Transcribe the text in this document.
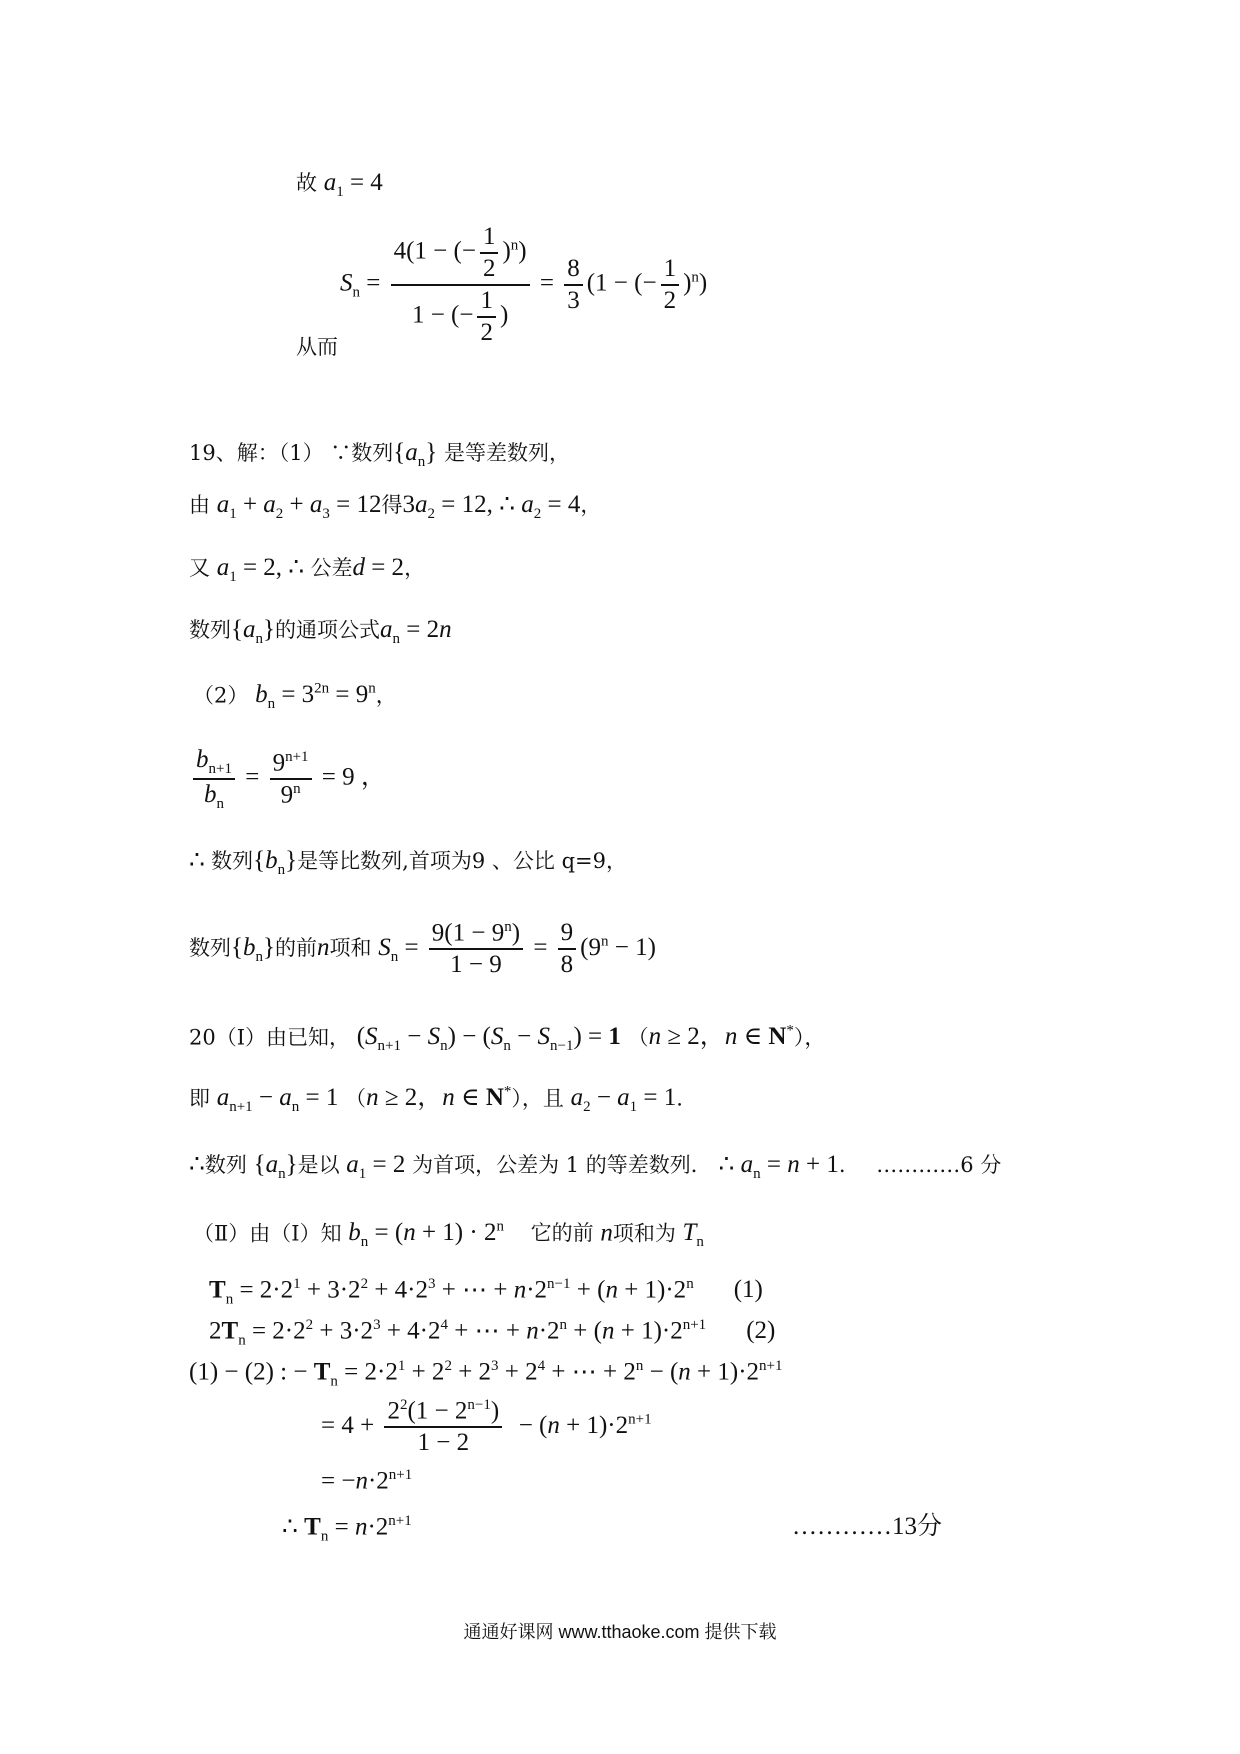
故 $a_1 = 4$
$S_n = \frac{4(1 - (- \frac{1}{2} )^n)}{1 - (- \frac{1}{2} )} = \frac{8}{3} (1$ − (− $\frac{1}{2} )^n$)
从而
19、解：（1） ∵数列$\{a_n\}$ 是等差数列，
由 $a_1 + a_2 + a_3 = 12$得$3a_2 = 12$, ∴ $a_2 = 4$，
又 $a_1 = 2$, ∴ 公差d = 2，
数列$\{a_n\}$的通项公式$a_n = 2n$
（2） $b_n = 3^{2n} = 9^n$，
$\frac{b_{n+1}}{b_n} = \frac{9^{n+1}}{9^n} = 9$ ，
∴ 数列$\{b_n\}$是等比数列,首项为9 、公比 q=9，
数列$\{b_n\}$的前n项和 $S_n = \frac{9(1 - 9^n)}{1 - 9} = \frac{9}{8} (9^n - 1)$
20（Ⅰ）由已知， $(S_{n+1} - S_n) - (S_n - S_{n-1}) = 1$ （n ≥ 2，n ∈ N*），
即 $a_{n+1} - a_n = 1$ （n ≥ 2，n ∈ N*），且 $a_2 - a_1 = 1$.
∴数列 $\{a_n\}$是以 $a_1 = 2$ 为首项，公差为 1 的等差数列． ∴ $a_n = n + 1$. …………6 分
（Ⅱ）由（Ⅰ）知 $b_n = (n + 1) \cdot 2^n$ 它的前 n项和为 $T_n$
$T_n = 2\cdot 2^1 + 3\cdot 2^2 + 4\cdot 2^3$ + ⋯ + $n\cdot 2^{n-1} + (n + 1)\cdot 2^n$ (1)
$2T_n = 2\cdot 2^2 + 3\cdot 2^3 + 4\cdot 2^4$ + ⋯ + $n\cdot 2^n + (n + 1)\cdot 2^{n+1}$ (2)
(1) − (2) : − $T_n = 2\cdot 2^1 + 2^2 + 2^3 + 2^4$ + ⋯ + $2^n - (n + 1)\cdot 2^{n+1}$
= $4 + \frac{2^2(1 - 2^{n-1})}{1 - 2} - (n + 1)\cdot 2^{n+1}$
= $-n\cdot 2^{n+1}$
∴ $T_n = n\cdot 2^{n+1}$	…………13分
通通好课网 www.tthaoke.com 提供下载
